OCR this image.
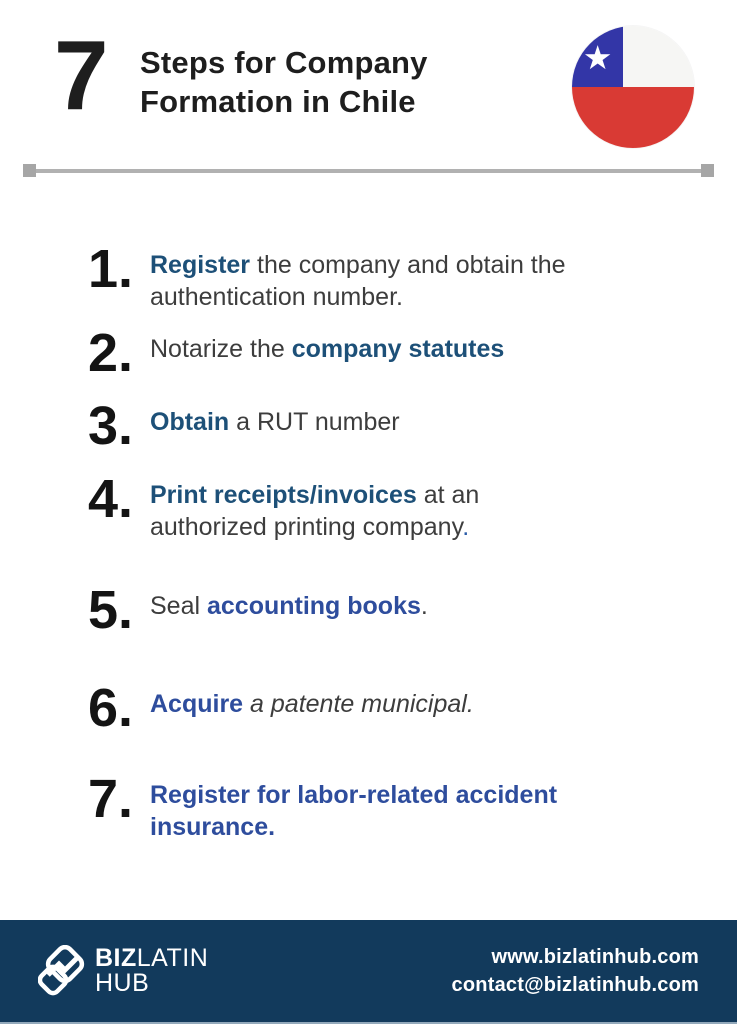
7 Steps for Company
Formation in Chile
★
1. Register the company and obtain the
authentication number.
2. Notarize the company statutes
3. Obtain a RUT number
4. Print receipts/invoices at an
authorized printing company.
5. Seal accounting books.
6. Acquire a patente municipal.
7. Register for labor-related accident
insurance.
BIZLATIN
HUB
www.bizlatinhub.com
contact@bizlatinhub.com
